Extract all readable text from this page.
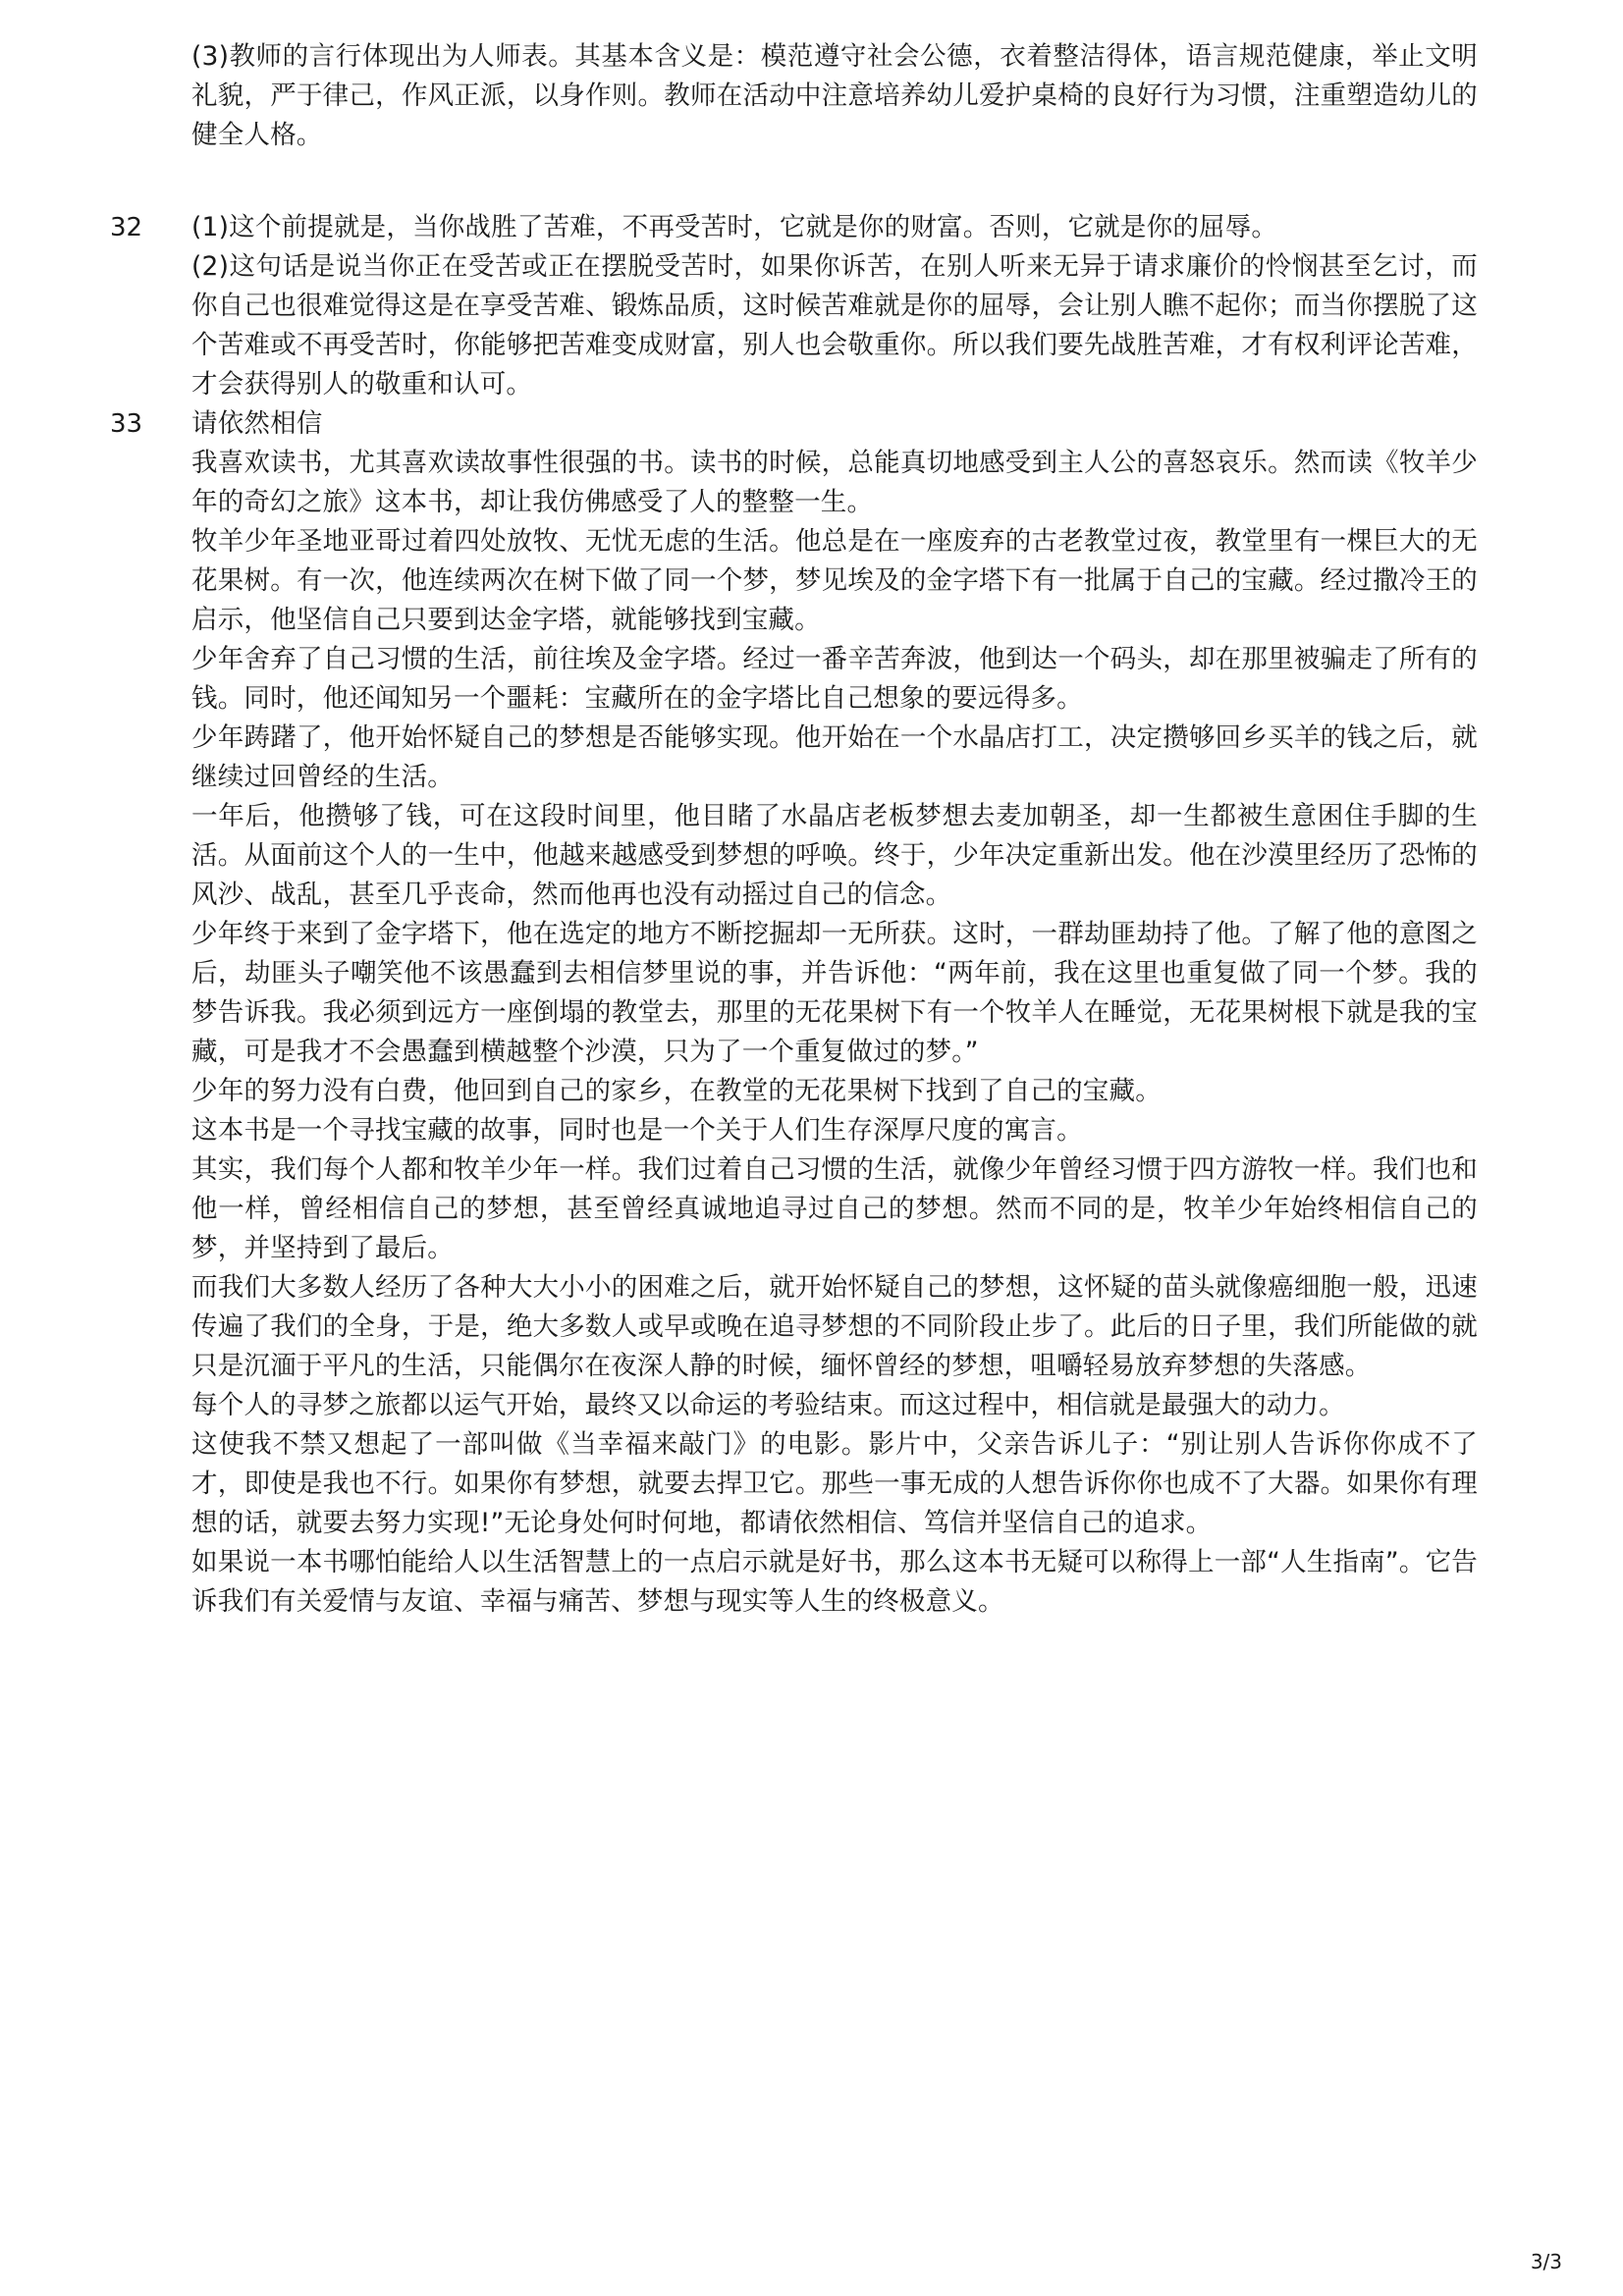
(3)教师的言行体现出为人师表。其基本含义是：模范遵守社会公德，衣着整洁得体，语言规范健康，举止文明礼貌，严于律己，作风正派，以身作则。教师在活动中注意培养幼儿爱护桌椅的良好行为习惯，注重塑造幼儿的健全人格。

32 (1)这个前提就是，当你战胜了苦难，不再受苦时，它就是你的财富。否则，它就是你的屈辱。

(2)这句话是说当你正在受苦或正在摆脱受苦时，如果你诉苦，在别人听来无异于请求廉价的怜悯甚至乞讨，而你自己也很难觉得这是在享受苦难、锻炼品质，这时候苦难就是你的屈辱，会让别人瞧不起你；而当你摆脱了这个苦难或不再受苦时，你能够把苦难变成财富，别人也会敬重你。所以我们要先战胜苦难，才有权利评论苦难，才会获得别人的敬重和认可。

33 请依然相信

我喜欢读书，尤其喜欢读故事性很强的书。读书的时候，总能真切地感受到主人公的喜怒哀乐。然而读《牧羊少年的奇幻之旅》这本书，却让我仿佛感受了人的整整一生。

牧羊少年圣地亚哥过着四处放牧、无忧无虑的生活。他总是在一座废弃的古老教堂过夜，教堂里有一棵巨大的无花果树。有一次，他连续两次在树下做了同一个梦，梦见埃及的金字塔下有一批属于自己的宝藏。经过撒冷王的启示，他坚信自己只要到达金字塔，就能够找到宝藏。

少年舍弃了自己习惯的生活，前往埃及金字塔。经过一番辛苦奔波，他到达一个码头，却在那里被骗走了所有的钱。同时，他还闻知另一个噩耗：宝藏所在的金字塔比自己想象的要远得多。

少年踌躇了，他开始怀疑自己的梦想是否能够实现。他开始在一个水晶店打工，决定攒够回乡买羊的钱之后，就继续过回曾经的生活。

一年后，他攒够了钱，可在这段时间里，他目睹了水晶店老板梦想去麦加朝圣，却一生都被生意困住手脚的生活。从面前这个人的一生中，他越来越感受到梦想的呼唤。终于，少年决定重新出发。他在沙漠里经历了恐怖的风沙、战乱，甚至几乎丧命，然而他再也没有动摇过自己的信念。

少年终于来到了金字塔下，他在选定的地方不断挖掘却一无所获。这时，一群劫匪劫持了他。了解了他的意图之后，劫匪头子嘲笑他不该愚蠢到去相信梦里说的事，并告诉他：“两年前，我在这里也重复做了同一个梦。我的梦告诉我。我必须到远方一座倒塌的教堂去，那里的无花果树下有一个牧羊人在睡觉，无花果树根下就是我的宝藏，可是我才不会愚蠢到横越整个沙漠，只为了一个重复做过的梦。”

少年的努力没有白费，他回到自己的家乡，在教堂的无花果树下找到了自己的宝藏。

这本书是一个寻找宝藏的故事，同时也是一个关于人们生存深厚尺度的寓言。

其实，我们每个人都和牧羊少年一样。我们过着自己习惯的生活，就像少年曾经习惯于四方游牧一样。我们也和他一样，曾经相信自己的梦想，甚至曾经真诚地追寻过自己的梦想。然而不同的是，牧羊少年始终相信自己的梦，并坚持到了最后。

而我们大多数人经历了各种大大小小的困难之后，就开始怀疑自己的梦想，这怀疑的苗头就像癌细胞一般，迅速传遍了我们的全身，于是，绝大多数人或早或晚在追寻梦想的不同阶段止步了。此后的日子里，我们所能做的就只是沉湎于平凡的生活，只能偶尔在夜深人静的时候，缅怀曾经的梦想，咀嚼轻易放弃梦想的失落感。

每个人的寻梦之旅都以运气开始，最终又以命运的考验结束。而这过程中，相信就是最强大的动力。

这使我不禁又想起了一部叫做《当幸福来敲门》的电影。影片中，父亲告诉儿子：“别让别人告诉你你成不了才，即使是我也不行。如果你有梦想，就要去捍卫它。那些一事无成的人想告诉你你也成不了大器。如果你有理想的话，就要去努力实现!”无论身处何时何地，都请依然相信、笃信并坚信自己的追求。

如果说一本书哪怕能给人以生活智慧上的一点启示就是好书，那么这本书无疑可以称得上一部“人生指南”。它告诉我们有关爱情与友谊、幸福与痛苦、梦想与现实等人生的终极意义。

3/3
